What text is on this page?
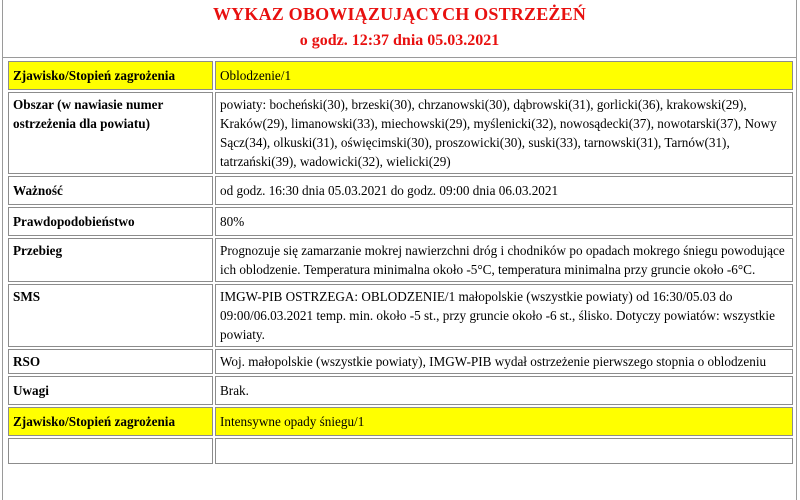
WYKAZ OBOWIĄZUJĄCYCH OSTRZEŻEŃ
o godz. 12:37 dnia 05.03.2021
Zjawisko/Stopień zagrożenia	Oblodzenie/1
Obszar (w nawiasie numer ostrzeżenia dla powiatu)	powiaty: bocheński(30), brzeski(30), chrzanowski(30), dąbrowski(31), gorlicki(36), krakowski(29), Kraków(29), limanowski(33), miechowski(29), myślenicki(32), nowosądecki(37), nowotarski(37), Nowy Sącz(34), olkuski(31), oświęcimski(30), proszowicki(30), suski(33), tarnowski(31), Tarnów(31), tatrzański(39), wadowicki(32), wielicki(29)
Ważność	od godz. 16:30 dnia 05.03.2021 do godz. 09:00 dnia 06.03.2021
Prawdopodobieństwo	80%
Przebieg	Prognozuje się zamarzanie mokrej nawierzchni dróg i chodników po opadach mokrego śniegu powodujące ich oblodzenie. Temperatura minimalna około -5°C, temperatura minimalna przy gruncie około -6°C.
SMS	IMGW-PIB OSTRZEGA: OBLODZENIE/1 małopolskie (wszystkie powiaty) od 16:30/05.03 do 09:00/06.03.2021 temp. min. około -5 st., przy gruncie około -6 st., ślisko. Dotyczy powiatów: wszystkie powiaty.
RSO	Woj. małopolskie (wszystkie powiaty), IMGW-PIB wydał ostrzeżenie pierwszego stopnia o oblodzeniu
Uwagi	Brak.
Zjawisko/Stopień zagrożenia	Intensywne opady śniegu/1
